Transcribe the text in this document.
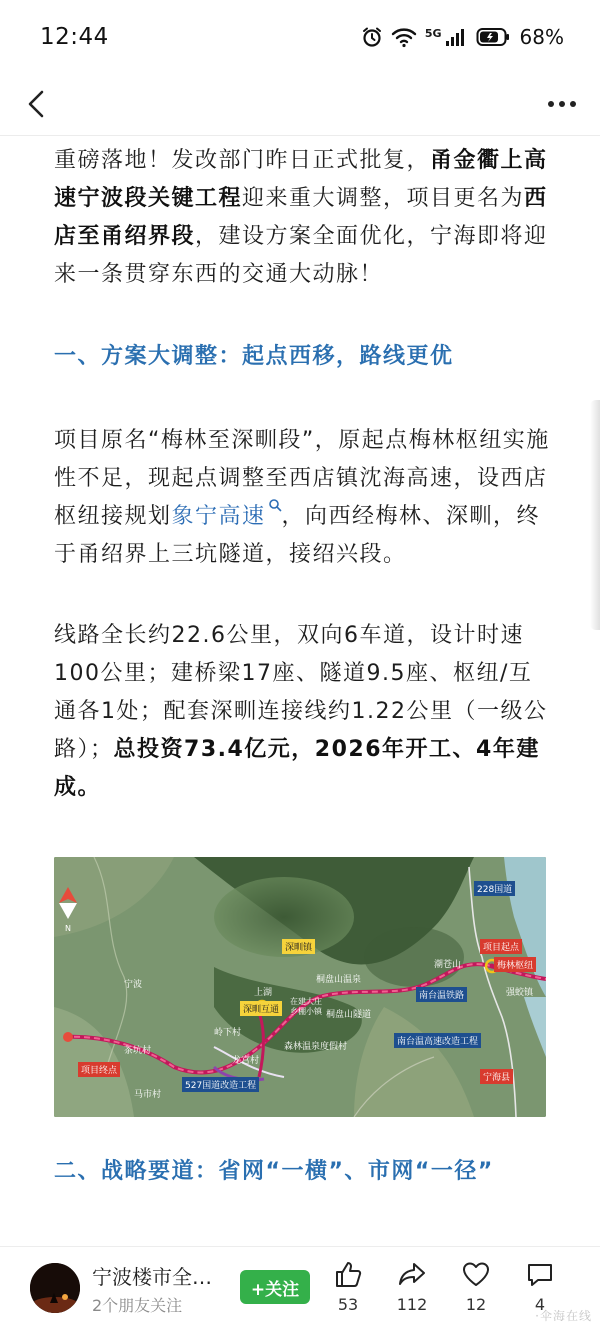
12:44	5G	68%

重磅落地！发改部门昨日正式批复，甬金衢上高速宁波段关键工程迎来重大调整，项目更名为西店至甬绍界段，建设方案全面优化，宁海即将迎来一条贯穿东西的交通大动脉！

一、方案大调整：起点西移，路线更优

项目原名“梅林至深甽段”，原起点梅林枢纽实施性不足，现起点调整至西店镇沈海高速，设西店枢纽接规划象宁高速 ，向西经梅林、深甽，终于甬绍界上三坑隧道，接绍兴段。

线路全长约22.6公里，双向6车道，设计时速100公里；建桥梁17座、隧道9.5座、枢纽/互通各1处；配套深甽连接线约1.22公里（一级公路）；总投资73.4亿元，2026年开工、4年建成。

N
228国道
项目起点
梅林枢纽
强蛟镇
项目终点
深甽镇
上湖
深甽互通
桐盘山温泉
桐盘山隧道
茶坑村
岭下村
龙宫村
马市村
527国道改造工程
森林温泉度假村
在建大庄
乡棚小镇
南台温铁路
南台温高速改造工程
潮苍山
宁海县
宁波
二、战略要道：省网“一横”、市网“一径”
宁波楼市全…
2个朋友关注
+关注
53 112 12	4
·伞海在线
